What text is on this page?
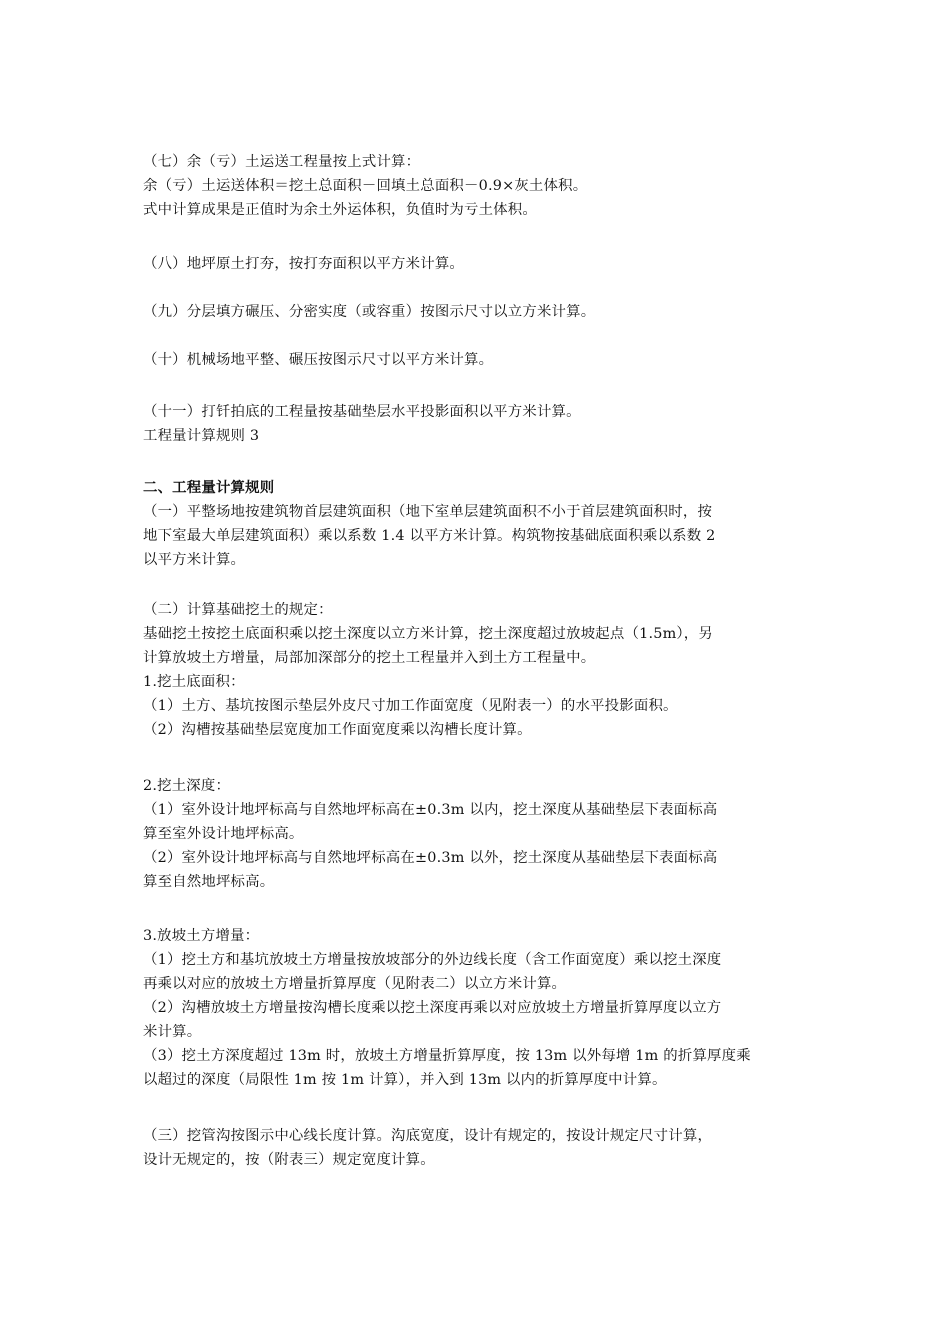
（七）余（亏）土运送工程量按上式计算：
余（亏）土运送体积＝挖土总面积－回填土总面积－0.9×灰土体积。
式中计算成果是正值时为余土外运体积，负值时为亏土体积。
（八）地坪原土打夯，按打夯面积以平方米计算。
（九）分层填方碾压、分密实度（或容重）按图示尺寸以立方米计算。
（十）机械场地平整、碾压按图示尺寸以平方米计算。
（十一）打钎拍底的工程量按基础垫层水平投影面积以平方米计算。
工程量计算规则 3
二、工程量计算规则
（一）平整场地按建筑物首层建筑面积（地下室单层建筑面积不小于首层建筑面积时，按
地下室最大单层建筑面积）乘以系数 1.4 以平方米计算。构筑物按基础底面积乘以系数 2
以平方米计算。
（二）计算基础挖土的规定：
基础挖土按挖土底面积乘以挖土深度以立方米计算，挖土深度超过放坡起点（1.5m），另
计算放坡土方增量，局部加深部分的挖土工程量并入到土方工程量中。
1.挖土底面积：
（1）土方、基坑按图示垫层外皮尺寸加工作面宽度（见附表一）的水平投影面积。
（2）沟槽按基础垫层宽度加工作面宽度乘以沟槽长度计算。
2.挖土深度：
（1）室外设计地坪标高与自然地坪标高在±0.3m 以内，挖土深度从基础垫层下表面标高
算至室外设计地坪标高。
（2）室外设计地坪标高与自然地坪标高在±0.3m 以外，挖土深度从基础垫层下表面标高
算至自然地坪标高。
3.放坡土方增量：
（1）挖土方和基坑放坡土方增量按放坡部分的外边线长度（含工作面宽度）乘以挖土深度
再乘以对应的放坡土方增量折算厚度（见附表二）以立方米计算。
（2）沟槽放坡土方增量按沟槽长度乘以挖土深度再乘以对应放坡土方增量折算厚度以立方
米计算。
（3）挖土方深度超过 13m 时，放坡土方增量折算厚度，按 13m 以外每增 1m 的折算厚度乘
以超过的深度（局限性 1m 按 1m 计算），并入到 13m 以内的折算厚度中计算。
（三）挖管沟按图示中心线长度计算。沟底宽度，设计有规定的，按设计规定尺寸计算，
设计无规定的，按（附表三）规定宽度计算。
